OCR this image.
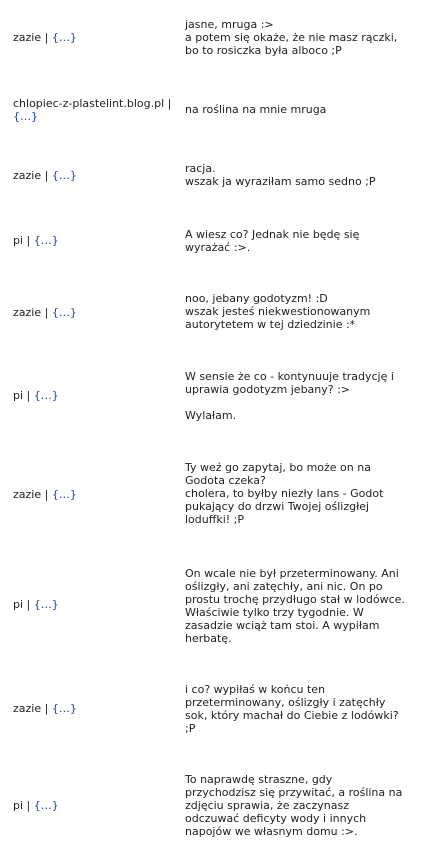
zazie | {…}

jasne, mruga :>
a potem się okaże, że nie masz rączki,
bo to rosiczka była alboco ;P

chlopiec-z-plastelint.blog.pl |
{…}

na roślina na mnie mruga

zazie | {…}

racja.
wszak ja wyraziłam samo sedno ;P

pi | {…}	A wiesz co? Jednak nie będę się
wyrażać :>.

zazie | {…}

noo, jebany godotyzm! :D
wszak jesteś niekwestionowanym
autorytetem w tej dziedzinie :*

pi | {…}

W sensie że co - kontynuuje tradycję i
uprawia godotyzm jebany? :>

Wylałam.

zazie | {…}

Ty weź go zapytaj, bo może on na
Godota czeka?
cholera, to byłby niezły lans - Godot
pukający do drzwi Twojej oślizgłej
loduffki! ;P

pi | {…}

On wcale nie był przeterminowany. Ani
oślizgły, ani zatęchły, ani nic. On po
prostu trochę przydługo stał w lodówce.
Właściwie tylko trzy tygodnie. W
zasadzie wciąż tam stoi. A wypiłam
herbatę.

zazie | {…}

i co? wypiłaś w końcu ten
przeterminowany, oślizgły i zatęchły
sok, który machał do Ciebie z lodówki?
;P

pi | {…}

To naprawdę straszne, gdy
przychodzisz się przywitać, a roślina na
zdjęciu sprawia, że zaczynasz
odczuwać deficyty wody i innych
napojów we własnym domu :>.
